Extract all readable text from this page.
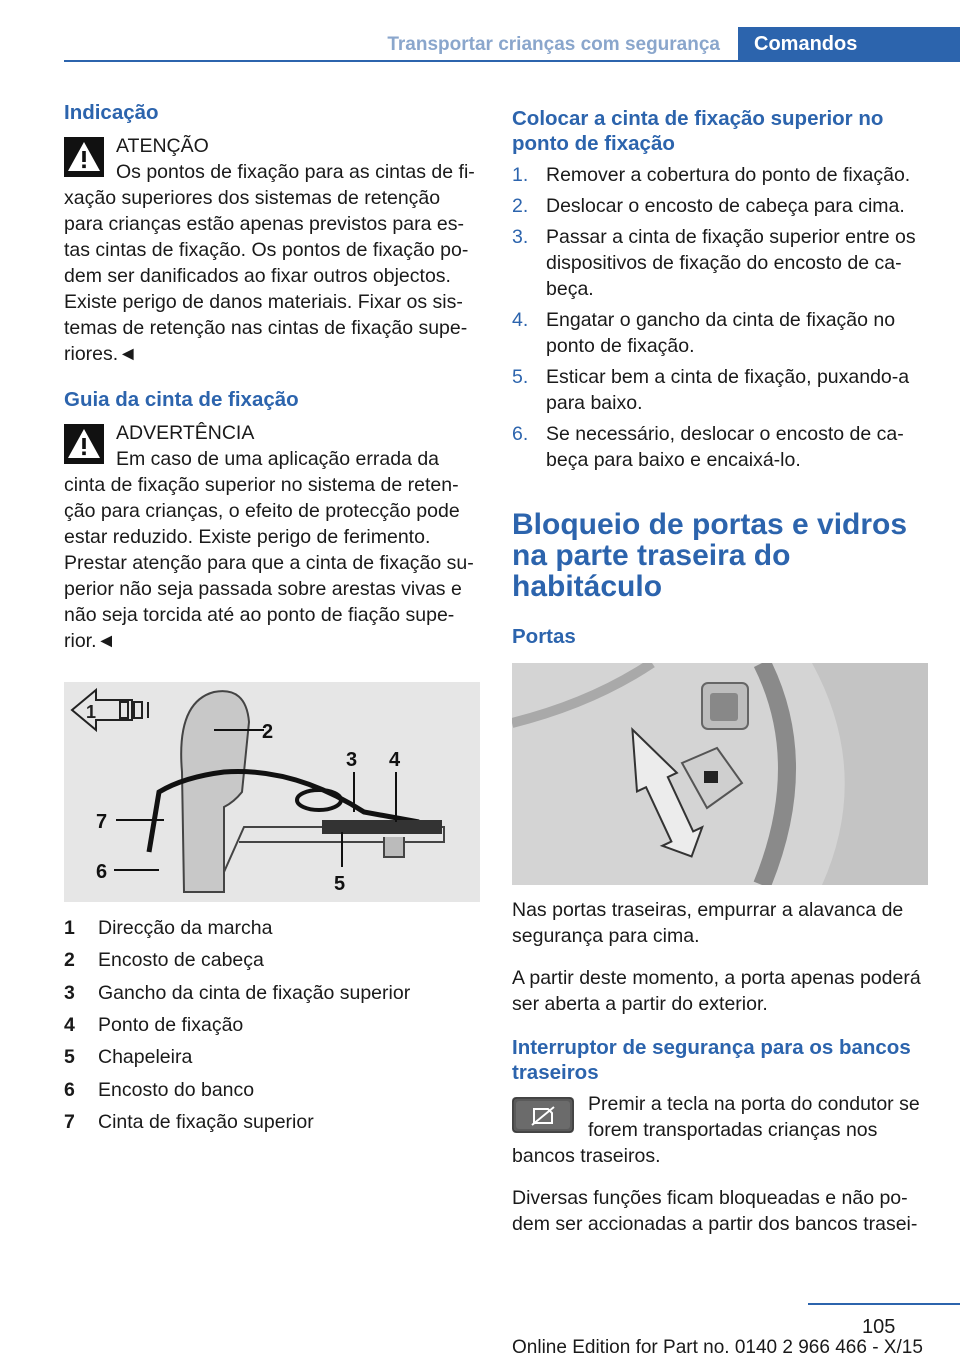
Transportar crianças com segurança	Comandos
Indicação
ATENÇÃO

Os pontos de fixação para as cintas de fixação superiores dos sistemas de retenção para crianças estão apenas previstos para estas cintas de fixação. Os pontos de fixação podem ser danificados ao fixar outros objectos. Existe perigo de danos materiais. Fixar os sistemas de retenção nas cintas de fixação superiores.◄

Guia da cinta de fixação
ADVERTÊNCIA

Em caso de uma aplicação errada da cinta de fixação superior no sistema de retenção para crianças, o efeito de protecção pode estar reduzido. Existe perigo de ferimento. Prestar atenção para que a cinta de fixação superior não seja passada sobre arestas vivas e não seja torcida até ao ponto de fiação superior.◄

1
2
3 4
5
6
7
1	Direcção da marcha
2	Encosto de cabeça
3	Gancho da cinta de fixação superior
4	Ponto de fixação
5	Chapeleira
6	Encosto do banco
7	Cinta de fixação superior
Colocar a cinta de fixação superior no ponto de fixação
1. Remover a cobertura do ponto de fixação.
2. Deslocar o encosto de cabeça para cima.
3. Passar a cinta de fixação superior entre os dispositivos de fixação do encosto de cabeça.
4. Engatar o gancho da cinta de fixação no ponto de fixação.
5. Esticar bem a cinta de fixação, puxando-a para baixo.
6. Se necessário, deslocar o encosto de cabeça para baixo e encaixá-lo.
Bloqueio de portas e vidros na parte traseira do habitáculo
Portas

Nas portas traseiras, empurrar a alavanca de segurança para cima.

A partir deste momento, a porta apenas poderá ser aberta a partir do exterior.

Interruptor de segurança para os bancos traseiros

Premir a tecla na porta do condutor se forem transportadas crianças nos bancos traseiros.

Diversas funções ficam bloqueadas e não podem ser accionadas a partir dos bancos trasei-

105
Online Edition for Part no. 0140 2 966 466 - X/15
